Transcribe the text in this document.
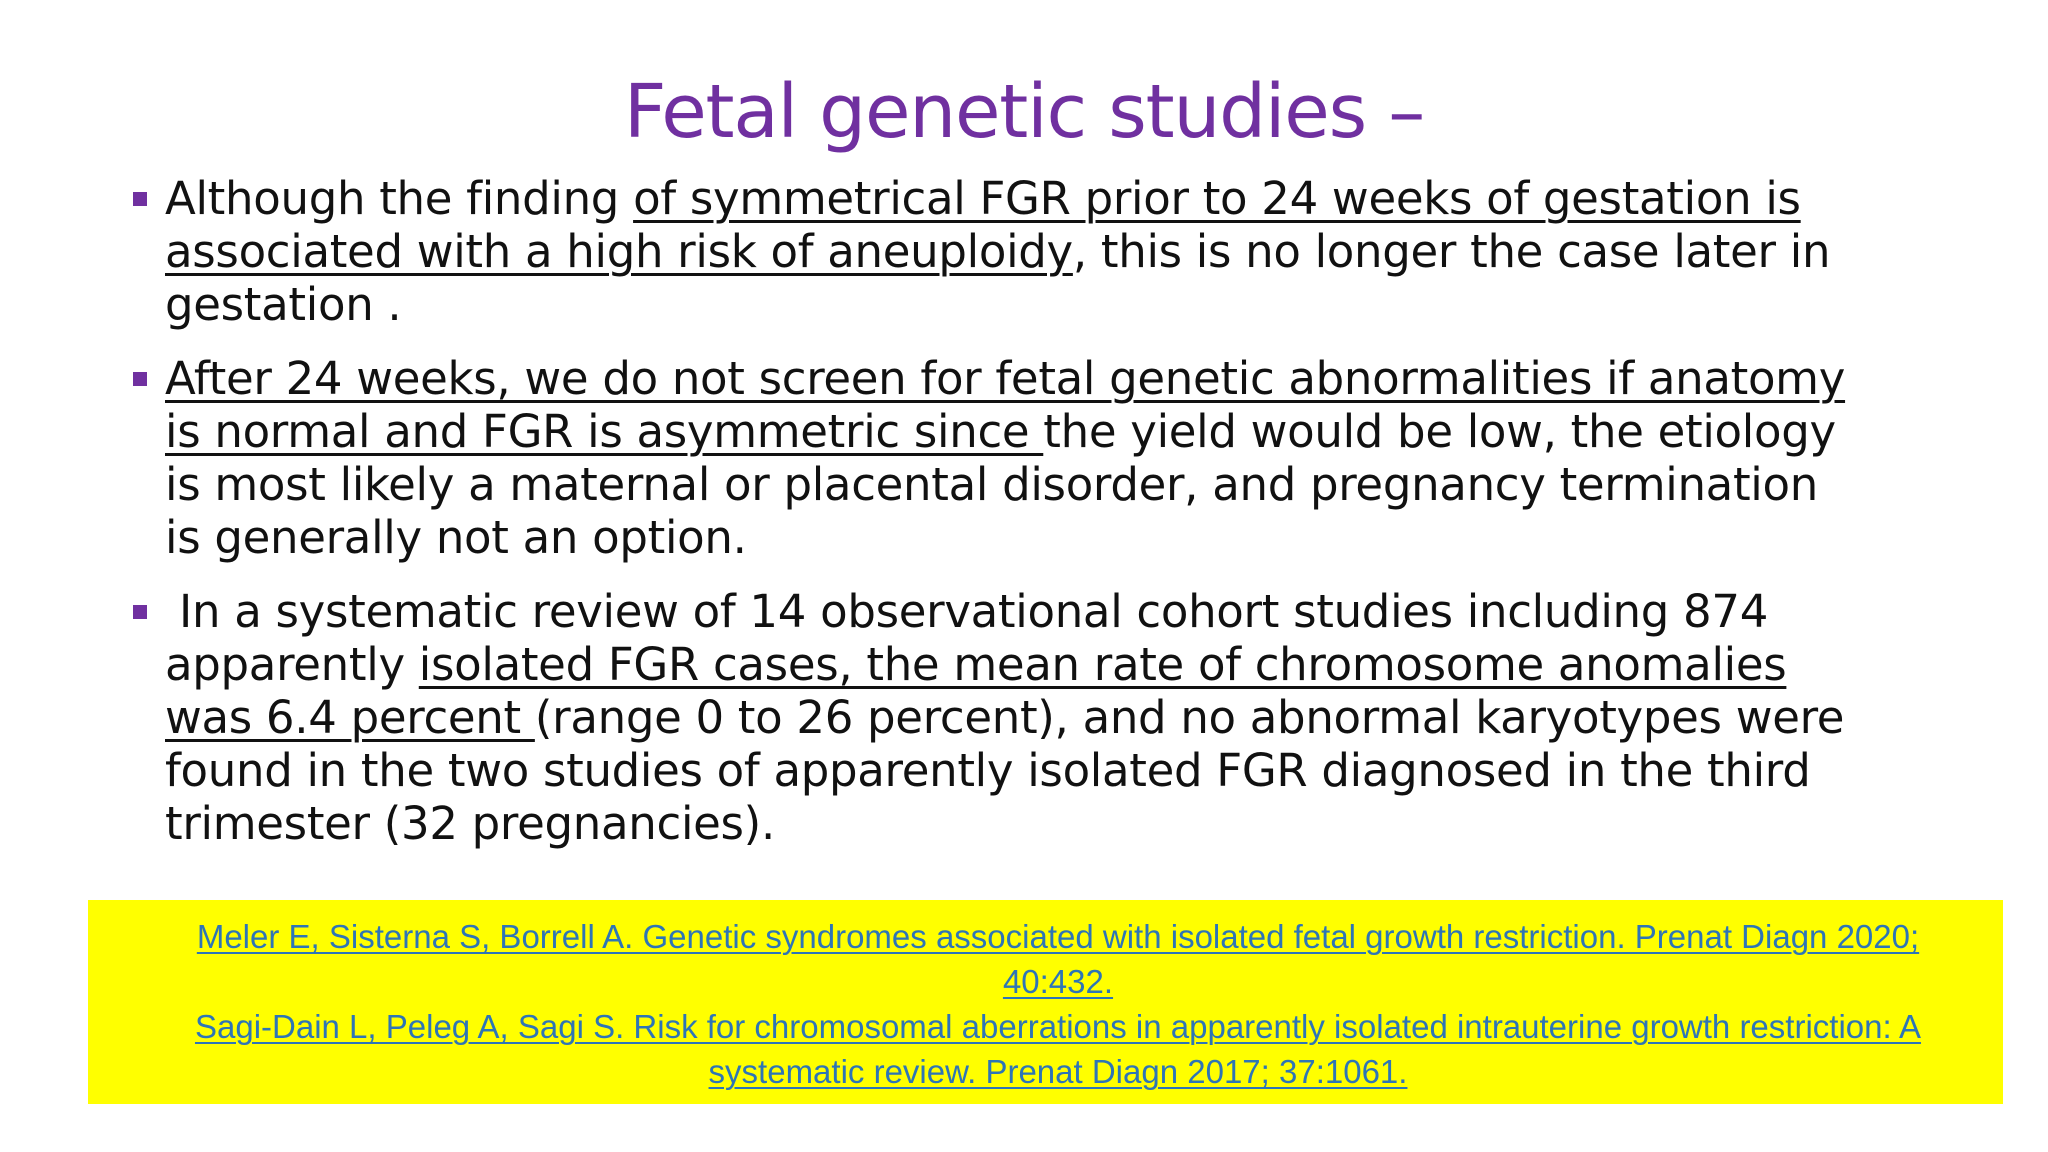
Fetal genetic studies –
Although the finding of symmetrical FGR prior to 24 weeks of gestation is
associated with a high risk of aneuploidy, this is no longer the case later in
gestation .
After 24 weeks, we do not screen for fetal genetic abnormalities if anatomy
is normal and FGR is asymmetric since the yield would be low, the etiology
is most likely a maternal or placental disorder, and pregnancy termination
is generally not an option.
In a systematic review of 14 observational cohort studies including 874
apparently isolated FGR cases, the mean rate of chromosome anomalies
was 6.4 percent (range 0 to 26 percent), and no abnormal karyotypes were
found in the two studies of apparently isolated FGR diagnosed in the third
trimester (32 pregnancies).
Meler E, Sisterna S, Borrell A. Genetic syndromes associated with isolated fetal growth restriction. Prenat Diagn 2020; 40:432.
Sagi-Dain L, Peleg A, Sagi S. Risk for chromosomal aberrations in apparently isolated intrauterine growth restriction: A systematic review. Prenat Diagn 2017; 37:1061.
